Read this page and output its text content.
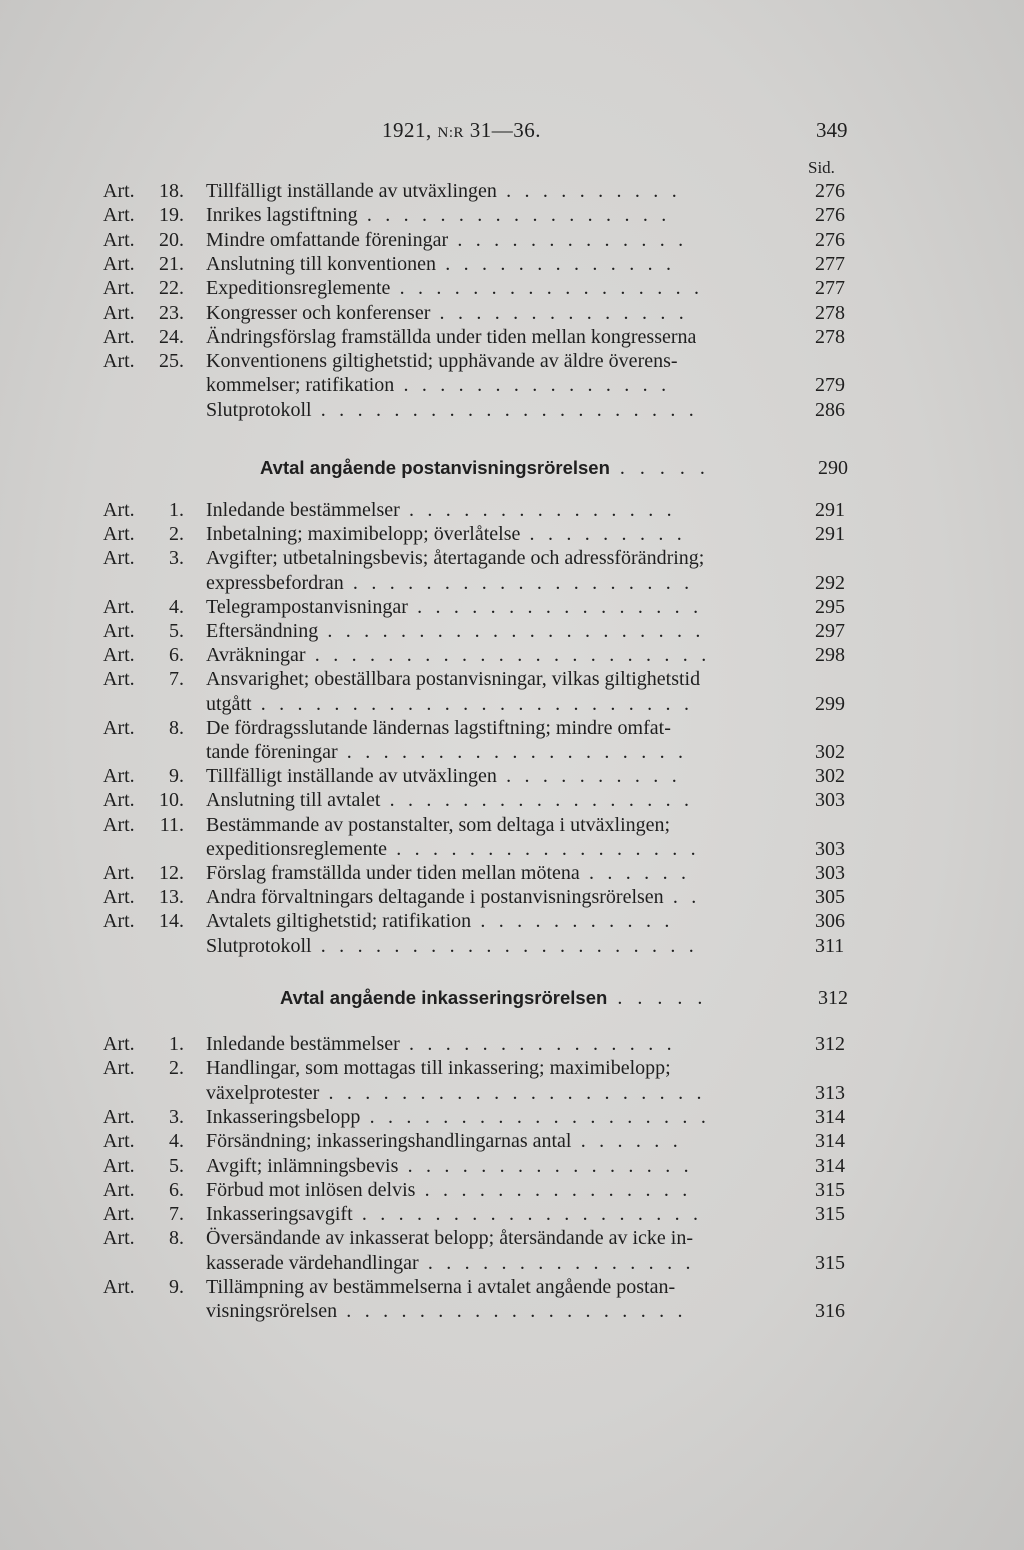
1921, N:R 31—36.	349
Sid.
Art.	18. Tillfälligt inställande av utväxlingen . . . . . . . . . .	276
Art.	19. Inrikes lagstiftning . . . . . . . . . . . . . . . . .	276
Art.	20. Mindre omfattande föreningar . . . . . . . . . . . . .	276
Art.	21. Anslutning till konventionen . . . . . . . . . . . . .	277
Art.	22. Expeditionsreglemente . . . . . . . . . . . . . . . . .	277
Art.	23. Kongresser och konferenser . . . . . . . . . . . . . .	278
Art.	24. Ändringsförslag framställda under tiden mellan kongresserna	278
Art.	25. Konventionens giltighetstid; upphävande av äldre överens-
kommelser; ratifikation . . . . . . . . . . . . . . .	279
Slutprotokoll . . . . . . . . . . . . . . . . . . . . .	286
Avtal angående postanvisningsrörelsen . . . . .	290
Art.	1. Inledande bestämmelser . . . . . . . . . . . . . . .	291
Art.	2. Inbetalning; maximibelopp; överlåtelse . . . . . . . . .	291
Art.	3. Avgifter; utbetalningsbevis; återtagande och adressförändring;
expressbefordran . . . . . . . . . . . . . . . . . . .	292
Art.	4. Telegrampostanvisningar . . . . . . . . . . . . . . . .	295
Art.	5. Eftersändning . . . . . . . . . . . . . . . . . . . . .	297
Art.	6. Avräkningar . . . . . . . . . . . . . . . . . . . . . .	298
Art.	7. Ansvarighet; obeställbara postanvisningar, vilkas giltighetstid
utgått . . . . . . . . . . . . . . . . . . . . . . . .	299
Art.	8. De fördragsslutande ländernas lagstiftning; mindre omfat-
tande föreningar . . . . . . . . . . . . . . . . . . .	302
Art.	9. Tillfälligt inställande av utväxlingen . . . . . . . . . .	302
Art.	10. Anslutning till avtalet . . . . . . . . . . . . . . . . .	303
Art.	11. Bestämmande av postanstalter, som deltaga i utväxlingen;
expeditionsreglemente . . . . . . . . . . . . . . . . .	303
Art.	12. Förslag framställda under tiden mellan mötena . . . . . .	303
Art.	13. Andra förvaltningars deltagande i postanvisningsrörelsen . .	305
Art.	14. Avtalets giltighetstid; ratifikation . . . . . . . . . . .	306
Slutprotokoll . . . . . . . . . . . . . . . . . . . . .	311
Avtal angående inkasseringsrörelsen . . . . .	312
Art.	1. Inledande bestämmelser . . . . . . . . . . . . . . .	312
Art.	2. Handlingar, som mottagas till inkassering; maximibelopp;
växelprotester . . . . . . . . . . . . . . . . . . . . .	313
Art.	3. Inkasseringsbelopp . . . . . . . . . . . . . . . . . . .	314
Art.	4. Försändning; inkasseringshandlingarnas antal . . . . . .	314
Art.	5. Avgift; inlämningsbevis . . . . . . . . . . . . . . . .	314
Art.	6. Förbud mot inlösen delvis . . . . . . . . . . . . . . .	315
Art.	7. Inkasseringsavgift . . . . . . . . . . . . . . . . . . .	315
Art.	8. Översändande av inkasserat belopp; återsändande av icke in-
kasserade värdehandlingar . . . . . . . . . . . . . . .	315
Art.	9. Tillämpning av bestämmelserna i avtalet angående postan-
visningsrörelsen . . . . . . . . . . . . . . . . . . .	316
